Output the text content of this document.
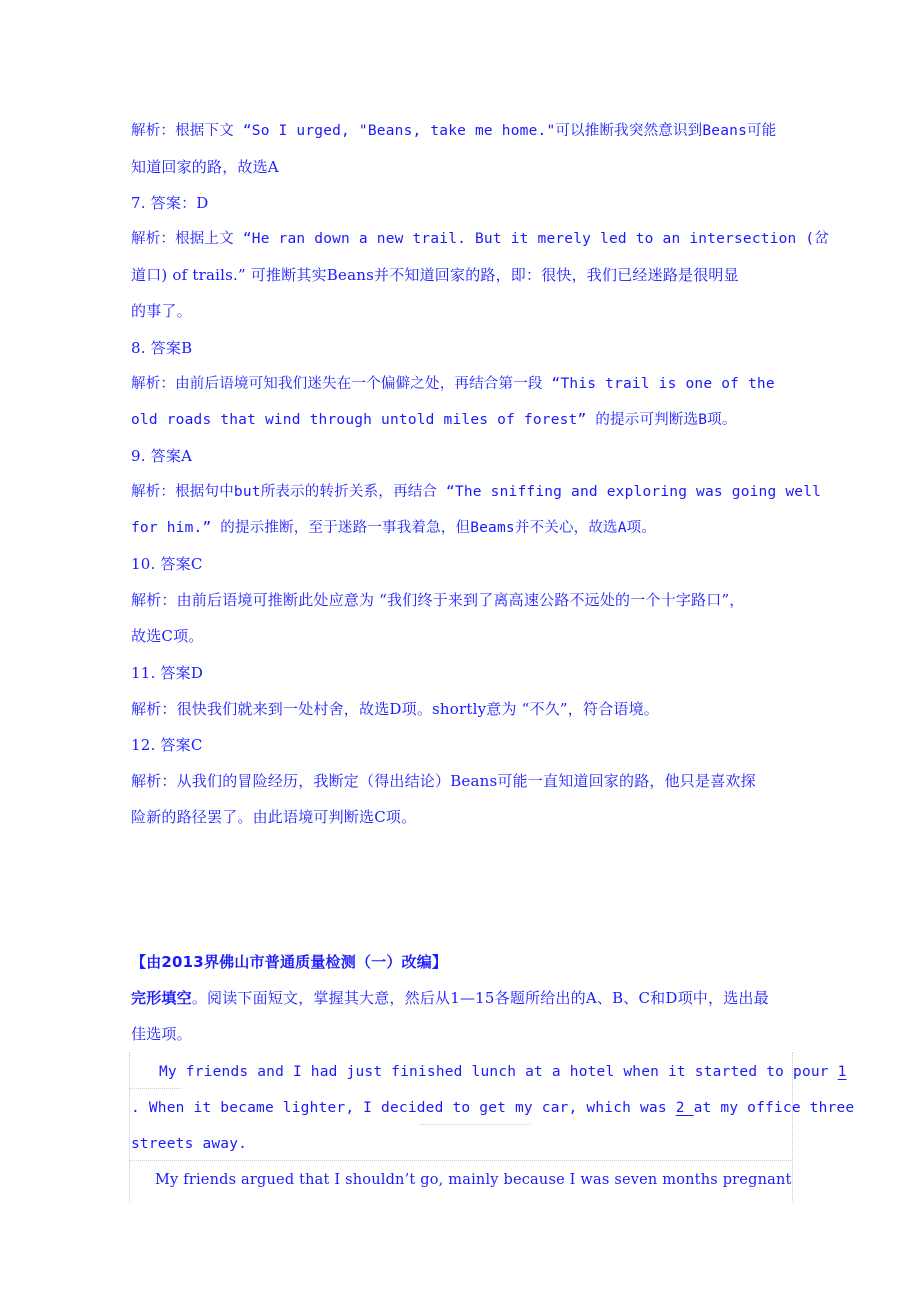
解析：根据下文 “So I urged, "Beans, take me home."可以推断我突然意识到Beans可能
知道回家的路，故选A
7. 答案：D
解析：根据上文 “He ran down a new trail. But it merely led to an intersection (岔
道口) of trails.” 可推断其实Beans并不知道回家的路，即：很快，我们已经迷路是很明显
的事了。
8. 答案B
解析：由前后语境可知我们迷失在一个偏僻之处，再结合第一段 “This trail is one of the
old roads that wind through untold miles of forest” 的提示可判断选B项。
9. 答案A
解析：根据句中but所表示的转折关系，再结合 “The sniffing and exploring was going well
for him.” 的提示推断，至于迷路一事我着急，但Beams并不关心，故选A项。
10. 答案C
解析：由前后语境可推断此处应意为 “我们终于来到了离高速公路不远处的一个十字路口”，
故选C项。
11. 答案D
解析：很快我们就来到一处村舍，故选D项。shortly意为 “不久”，符合语境。
12. 答案C
解析：从我们的冒险经历，我断定（得出结论）Beans可能一直知道回家的路，他只是喜欢探
险新的路径罢了。由此语境可判断选C项。
【由2013界佛山市普通质量检测（一）改编】
完形填空。阅读下面短文，掌握其大意，然后从1—15各题所给出的A、B、C和D项中，选出最
佳选项。
My friends and I had just finished lunch at a hotel when it started to pour 1
. When it became lighter, I decided to get my car, which was 2 at my office three
streets away.
My friends argued that I shouldn’t go, mainly because I was seven months pregnant
